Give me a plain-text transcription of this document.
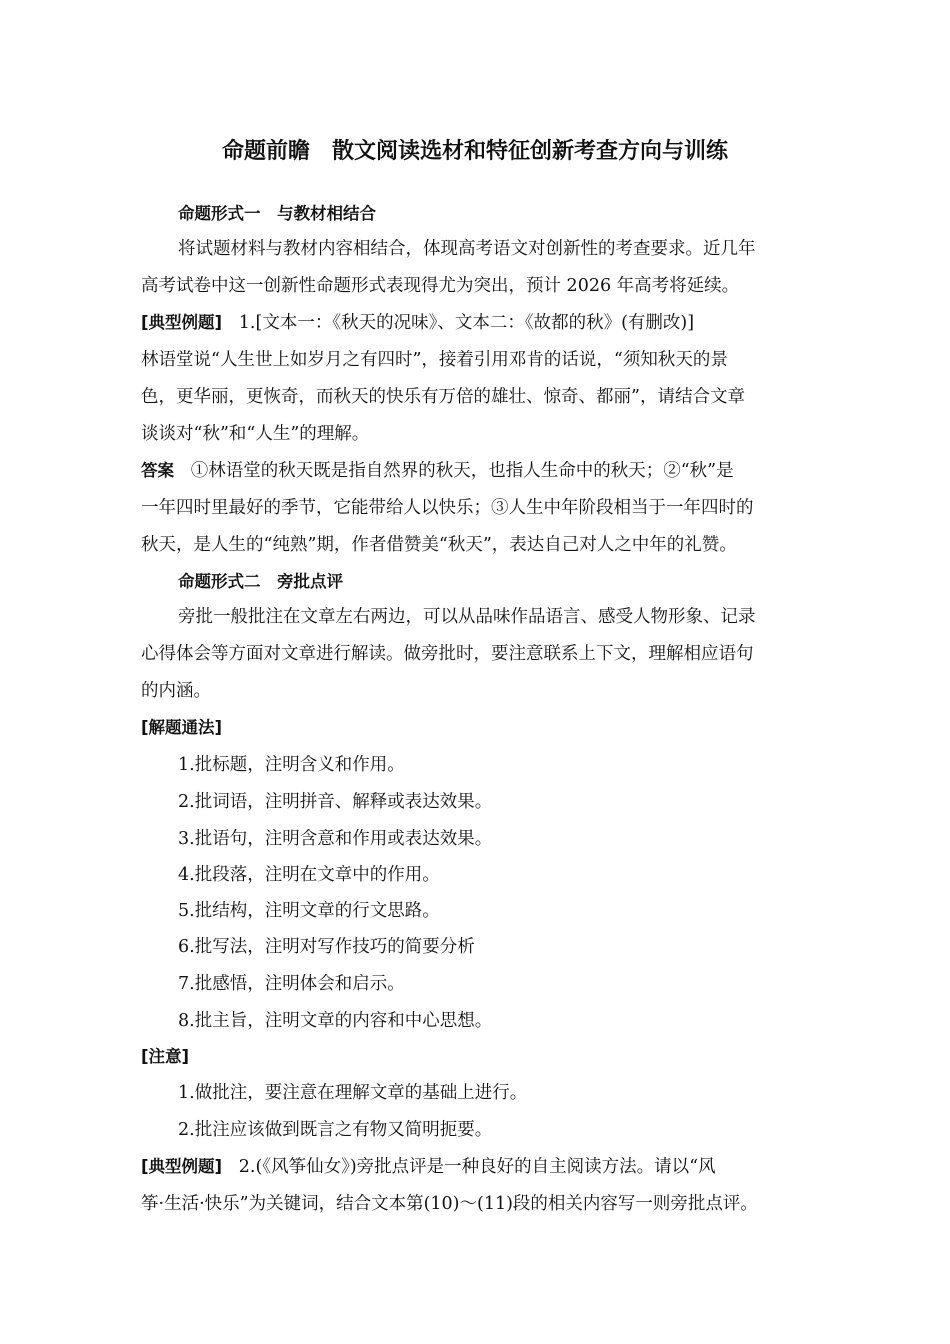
命题前瞻　散文阅读选材和特征创新考查方向与训练
命题形式一　与教材相结合
将试题材料与教材内容相结合，体现高考语文对创新性的考查要求。近几年
高考试卷中这一创新性命题形式表现得尤为突出，预计 2026 年高考将延续。
[典型例题] 1.[文本一：《秋天的况味》、文本二：《故都的秋》(有删改)]
林语堂说“人生世上如岁月之有四时”，接着引用邓肯的话说，“须知秋天的景
色，更华丽，更恢奇，而秋天的快乐有万倍的雄壮、惊奇、都丽”，请结合文章
谈谈对“秋”和“人生”的理解。
答案 ①林语堂的秋天既是指自然界的秋天，也指人生命中的秋天；②“秋”是
一年四时里最好的季节，它能带给人以快乐；③人生中年阶段相当于一年四时的
秋天，是人生的“纯熟”期，作者借赞美“秋天”，表达自己对人之中年的礼赞。
命题形式二　旁批点评
旁批一般批注在文章左右两边，可以从品味作品语言、感受人物形象、记录
心得体会等方面对文章进行解读。做旁批时，要注意联系上下文，理解相应语句
的内涵。
[解题通法]
1.批标题，注明含义和作用。
2.批词语，注明拼音、解释或表达效果。
3.批语句，注明含意和作用或表达效果。
4.批段落，注明在文章中的作用。
5.批结构，注明文章的行文思路。
6.批写法，注明对写作技巧的简要分析
7.批感悟，注明体会和启示。
8.批主旨，注明文章的内容和中心思想。
[注意]
1.做批注，要注意在理解文章的基础上进行。
2.批注应该做到既言之有物又简明扼要。
[典型例题] 2.(《风筝仙女》)旁批点评是一种良好的自主阅读方法。请以“风
筝·生活·快乐”为关键词，结合文本第(10)～(11)段的相关内容写一则旁批点评。
